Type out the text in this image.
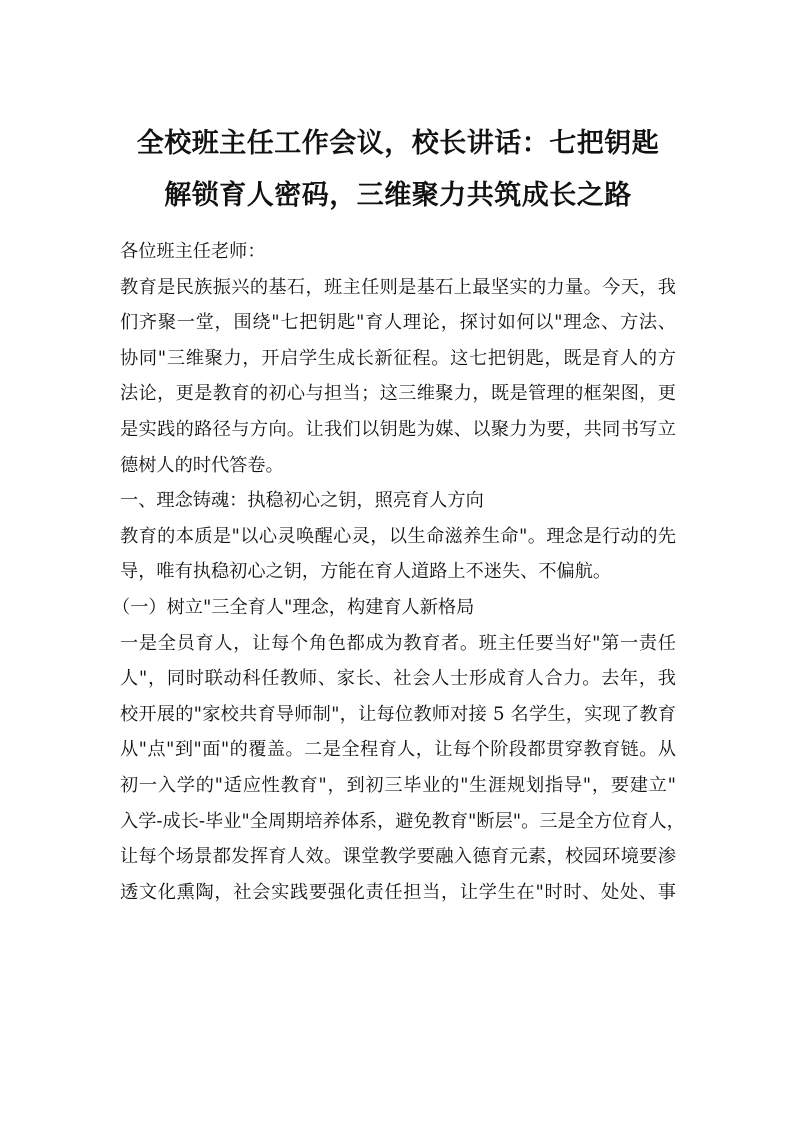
全校班主任工作会议，校长讲话：七把钥匙
解锁育人密码，三维聚力共筑成长之路

各位班主任老师：

教育是民族振兴的基石，班主任则是基石上最坚实的力量。今天，我
们齐聚一堂，围绕"七把钥匙"育人理论，探讨如何以"理念、方法、
协同"三维聚力，开启学生成长新征程。这七把钥匙，既是育人的方
法论，更是教育的初心与担当；这三维聚力，既是管理的框架图，更
是实践的路径与方向。让我们以钥匙为媒、以聚力为要，共同书写立
德树人的时代答卷。

一、理念铸魂：执稳初心之钥，照亮育人方向

教育的本质是"以心灵唤醒心灵，以生命滋养生命"。理念是行动的先
导，唯有执稳初心之钥，方能在育人道路上不迷失、不偏航。

（一）树立"三全育人"理念，构建育人新格局

一是全员育人，让每个角色都成为教育者。班主任要当好"第一责任
人"，同时联动科任教师、家长、社会人士形成育人合力。去年，我
校开展的"家校共育导师制"，让每位教师对接 5 名学生，实现了教育
从"点"到"面"的覆盖。二是全程育人，让每个阶段都贯穿教育链。从
初一入学的"适应性教育"，到初三毕业的"生涯规划指导"，要建立"
入学-成长-毕业"全周期培养体系，避免教育"断层"。三是全方位育人，
让每个场景都发挥育人效。课堂教学要融入德育元素，校园环境要渗
透文化熏陶，社会实践要强化责任担当，让学生在"时时、处处、事
